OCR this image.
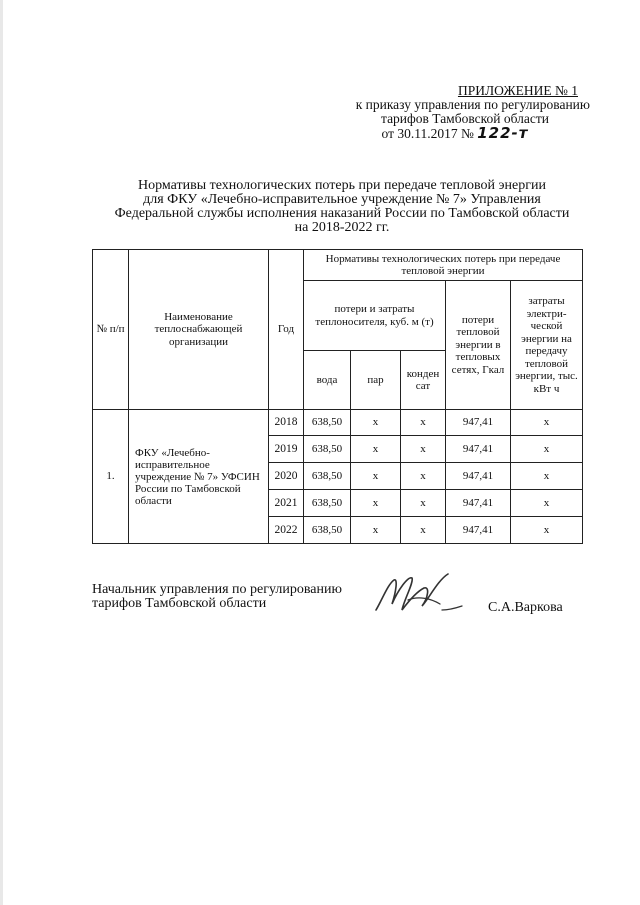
ПРИЛОЖЕНИЕ № 1
к приказу управления по регулированию
тарифов Тамбовской области
от 30.11.2017 № 122-т
Нормативы технологических потерь при передаче тепловой энергии
для ФКУ «Лечебно-исправительное учреждение № 7» Управления
Федеральной службы исполнения наказаний России по Тамбовской области
на 2018-2022 гг.
№ п/п	Наименование теплоснабжающей организации	Год	Нормативы технологических потерь при передаче тепловой энергии				
			потери и затраты теплоносителя, куб. м (т)			потери тепловой энергии в тепловых сетях, Гкал	затраты электри- ческой энергии на передачу тепловой энергии, тыс. кВт ч
			вода	пар	конден сат		
1.	ФКУ «Лечебно-исправительное учреждение № 7» УФСИН России по Тамбовской области	2018	638,50	х	х	947,41	х
		2019	638,50	х	х	947,41	х
		2020	638,50	х	х	947,41	х
		2021	638,50	х	х	947,41	х
		2022	638,50	х	х	947,41	х
Начальник управления по регулированию
тарифов Тамбовской области	С.А.Варкова
